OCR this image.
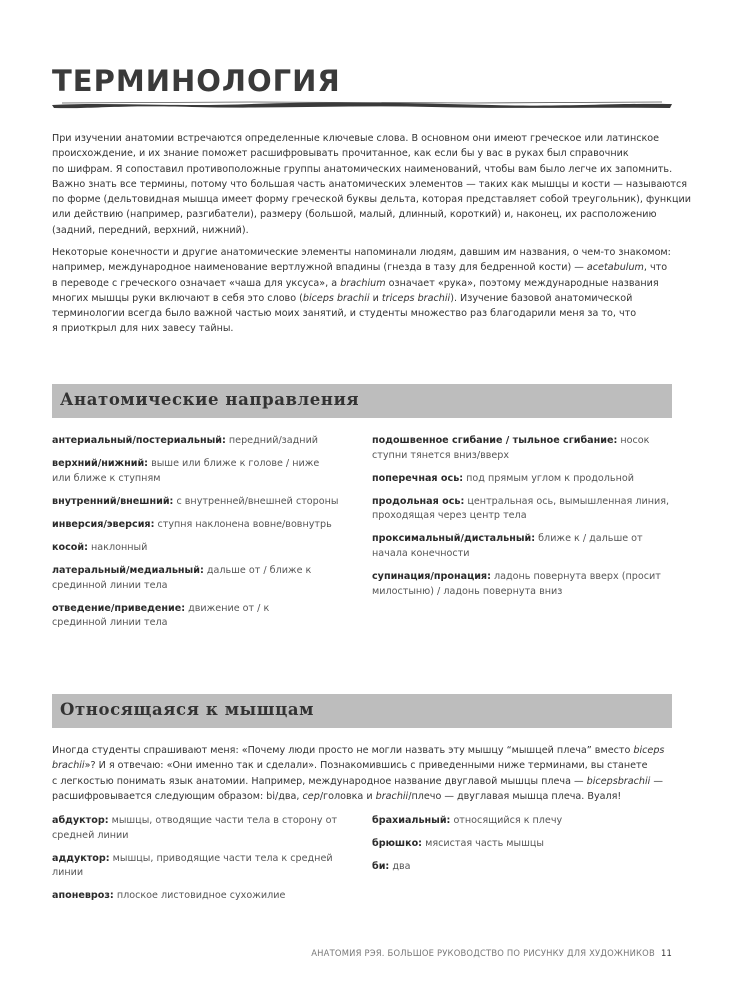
ТЕРМИНОЛОГИЯ
При изучении анатомии встречаются определенные ключевые слова. В основном они имеют греческое или латинское
происхождение, и их знание поможет расшифровывать прочитанное, как если бы у вас в руках был справочник
по шифрам. Я сопоставил противоположные группы анатомических наименований, чтобы вам было легче их запомнить.
Важно знать все термины, потому что большая часть анатомических элементов — таких как мышцы и кости — называются
по форме (дельтовидная мышца имеет форму греческой буквы дельта, которая представляет собой треугольник), функции
или действию (например, разгибатели), размеру (большой, малый, длинный, короткий) и, наконец, их расположению
(задний, передний, верхний, нижний).
Некоторые конечности и другие анатомические элементы напоминали людям, давшим им названия, о чем-то знакомом:
например, международное наименование вертлужной впадины (гнезда в тазу для бедренной кости) — acetabulum, что
в переводе с греческого означает «чаша для уксуса», а brachium означает «рука», поэтому международные названия
многих мышцы руки включают в себя это слово (biceps brachii и triceps brachii). Изучение базовой анатомической
терминологии всегда было важной частью моих занятий, и студенты множество раз благодарили меня за то, что
я приоткрыл для них завесу тайны.
Анатомические направления
антериальный/постериальный: передний/задний
верхний/нижний: выше или ближе к голове / ниже или ближе к ступням
внутренний/внешний: с внутренней/внешней стороны
инверсия/эверсия: ступня наклонена вовне/вовнутрь
косой: наклонный
латеральный/медиальный: дальше от / ближе к срединной линии тела
отведение/приведение: движение от / к срединной линии тела
подошвенное сгибание / тыльное сгибание: носок ступни тянется вниз/вверх
поперечная ось: под прямым углом к продольной
продольная ось: центральная ось, вымышленная линия, проходящая через центр тела
проксимальный/дистальный: ближе к / дальше от начала конечности
супинация/пронация: ладонь повернута вверх (просит милостыню) / ладонь повернута вниз
Относящаяся к мышцам
Иногда студенты спрашивают меня: «Почему люди просто не могли назвать эту мышцу “мышцей плеча” вместо biceps
brachii»? И я отвечаю: «Они именно так и сделали». Познакомившись с приведенными ниже терминами, вы станете
с легкостью понимать язык анатомии. Например, международное название двуглавой мышцы плеча — bicepsbrachii —
расшифровывается следующим образом: bi/два, cep/головка и brachii/плечо — двуглавая мышца плеча. Вуаля!
абдуктор: мышцы, отводящие части тела в сторону от средней линии
аддуктор: мышцы, приводящие части тела к средней линии
апоневроз: плоское листовидное сухожилие
брахиальный: относящийся к плечу
брюшко: мясистая часть мышцы
би: два
АНАТОМИЯ РЭЯ. БОЛЬШОЕ РУКОВОДСТВО ПО РИСУНКУ ДЛЯ ХУДОЖНИКОВ 11
